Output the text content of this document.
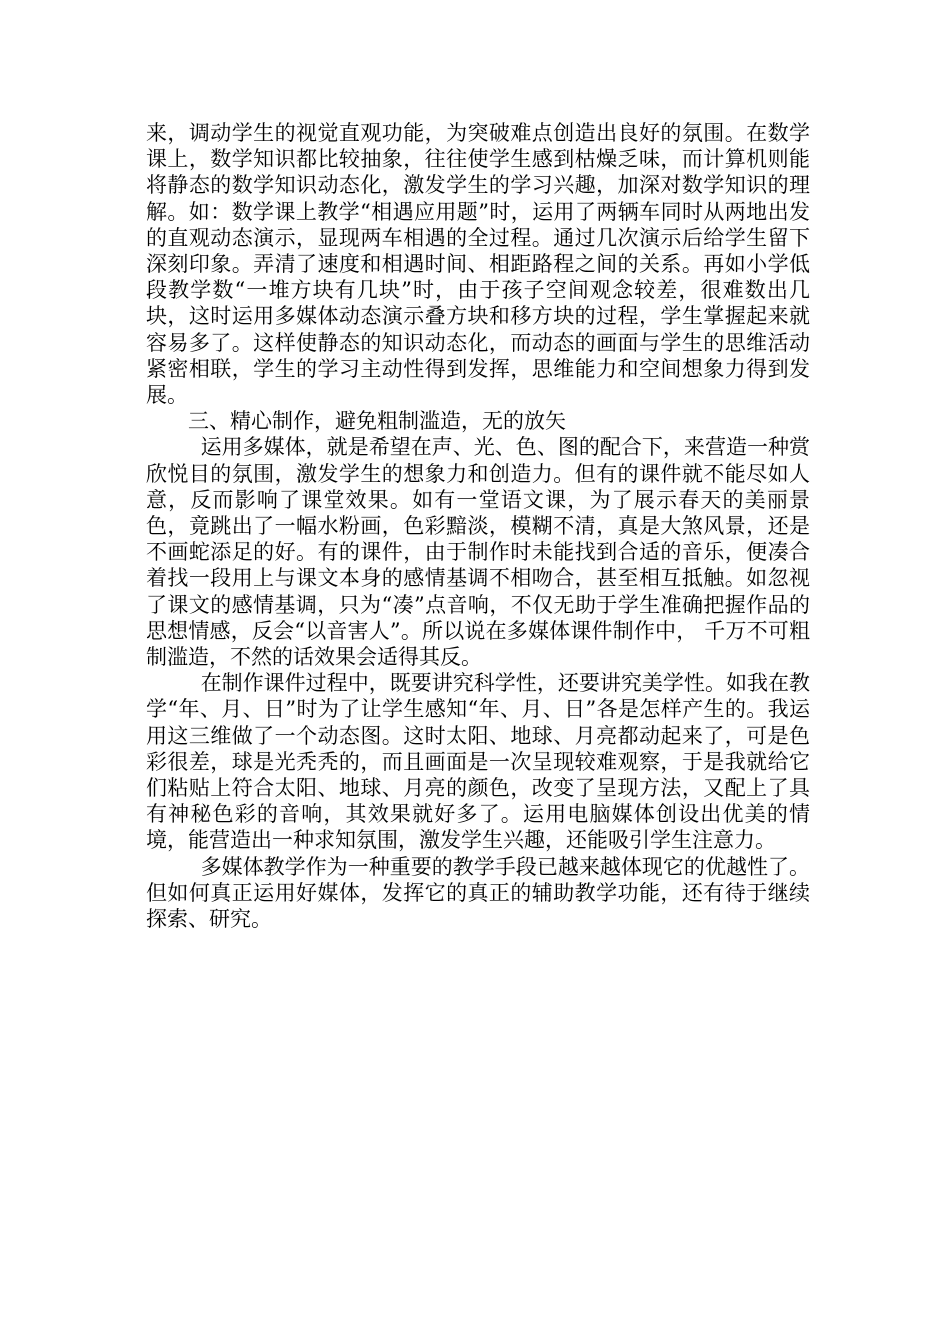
来，调动学生的视觉直观功能，为突破难点创造出良好的氛围。在数学课上，数学知识都比较抽象，往往使学生感到枯燥乏味，而计算机则能将静态的数学知识动态化，激发学生的学习兴趣，加深对数学知识的理解。如：数学课上教学“相遇应用题”时，运用了两辆车同时从两地出发的直观动态演示，显现两车相遇的全过程。通过几次演示后给学生留下深刻印象。弄清了速度和相遇时间、相距路程之间的关系。再如小学低段教学数“一堆方块有几块”时，由于孩子空间观念较差，很难数出几块，这时运用多媒体动态演示叠方块和移方块的过程，学生掌握起来就容易多了。这样使静态的知识动态化，而动态的画面与学生的思维活动紧密相联，学生的学习主动性得到发挥，思维能力和空间想象力得到发展。

三、精心制作，避免粗制滥造，无的放矢

运用多媒体，就是希望在声、光、色、图的配合下，来营造一种赏欣悦目的氛围，激发学生的想象力和创造力。但有的课件就不能尽如人意，反而影响了课堂效果。如有一堂语文课，为了展示春天的美丽景色，竟跳出了一幅水粉画，色彩黯淡，模糊不清，真是大煞风景，还是不画蛇添足的好。有的课件，由于制作时未能找到合适的音乐，便凑合着找一段用上与课文本身的感情基调不相吻合，甚至相互抵触。如忽视了课文的感情基调，只为“凑”点音响，不仅无助于学生准确把握作品的思想情感，反会“以音害人”。所以说在多媒体课件制作中， 千万不可粗制滥造，不然的话效果会适得其反。

在制作课件过程中，既要讲究科学性，还要讲究美学性。如我在教学“年、月、日”时为了让学生感知“年、月、日”各是怎样产生的。我运用这三维做了一个动态图。这时太阳、地球、月亮都动起来了，可是色彩很差，球是光秃秃的，而且画面是一次呈现较难观察，于是我就给它们粘贴上符合太阳、地球、月亮的颜色，改变了呈现方法，又配上了具有神秘色彩的音响，其效果就好多了。运用电脑媒体创设出优美的情境，能营造出一种求知氛围，激发学生兴趣，还能吸引学生注意力。

多媒体教学作为一种重要的教学手段已越来越体现它的优越性了。但如何真正运用好媒体，发挥它的真正的辅助教学功能，还有待于继续探索、研究。
